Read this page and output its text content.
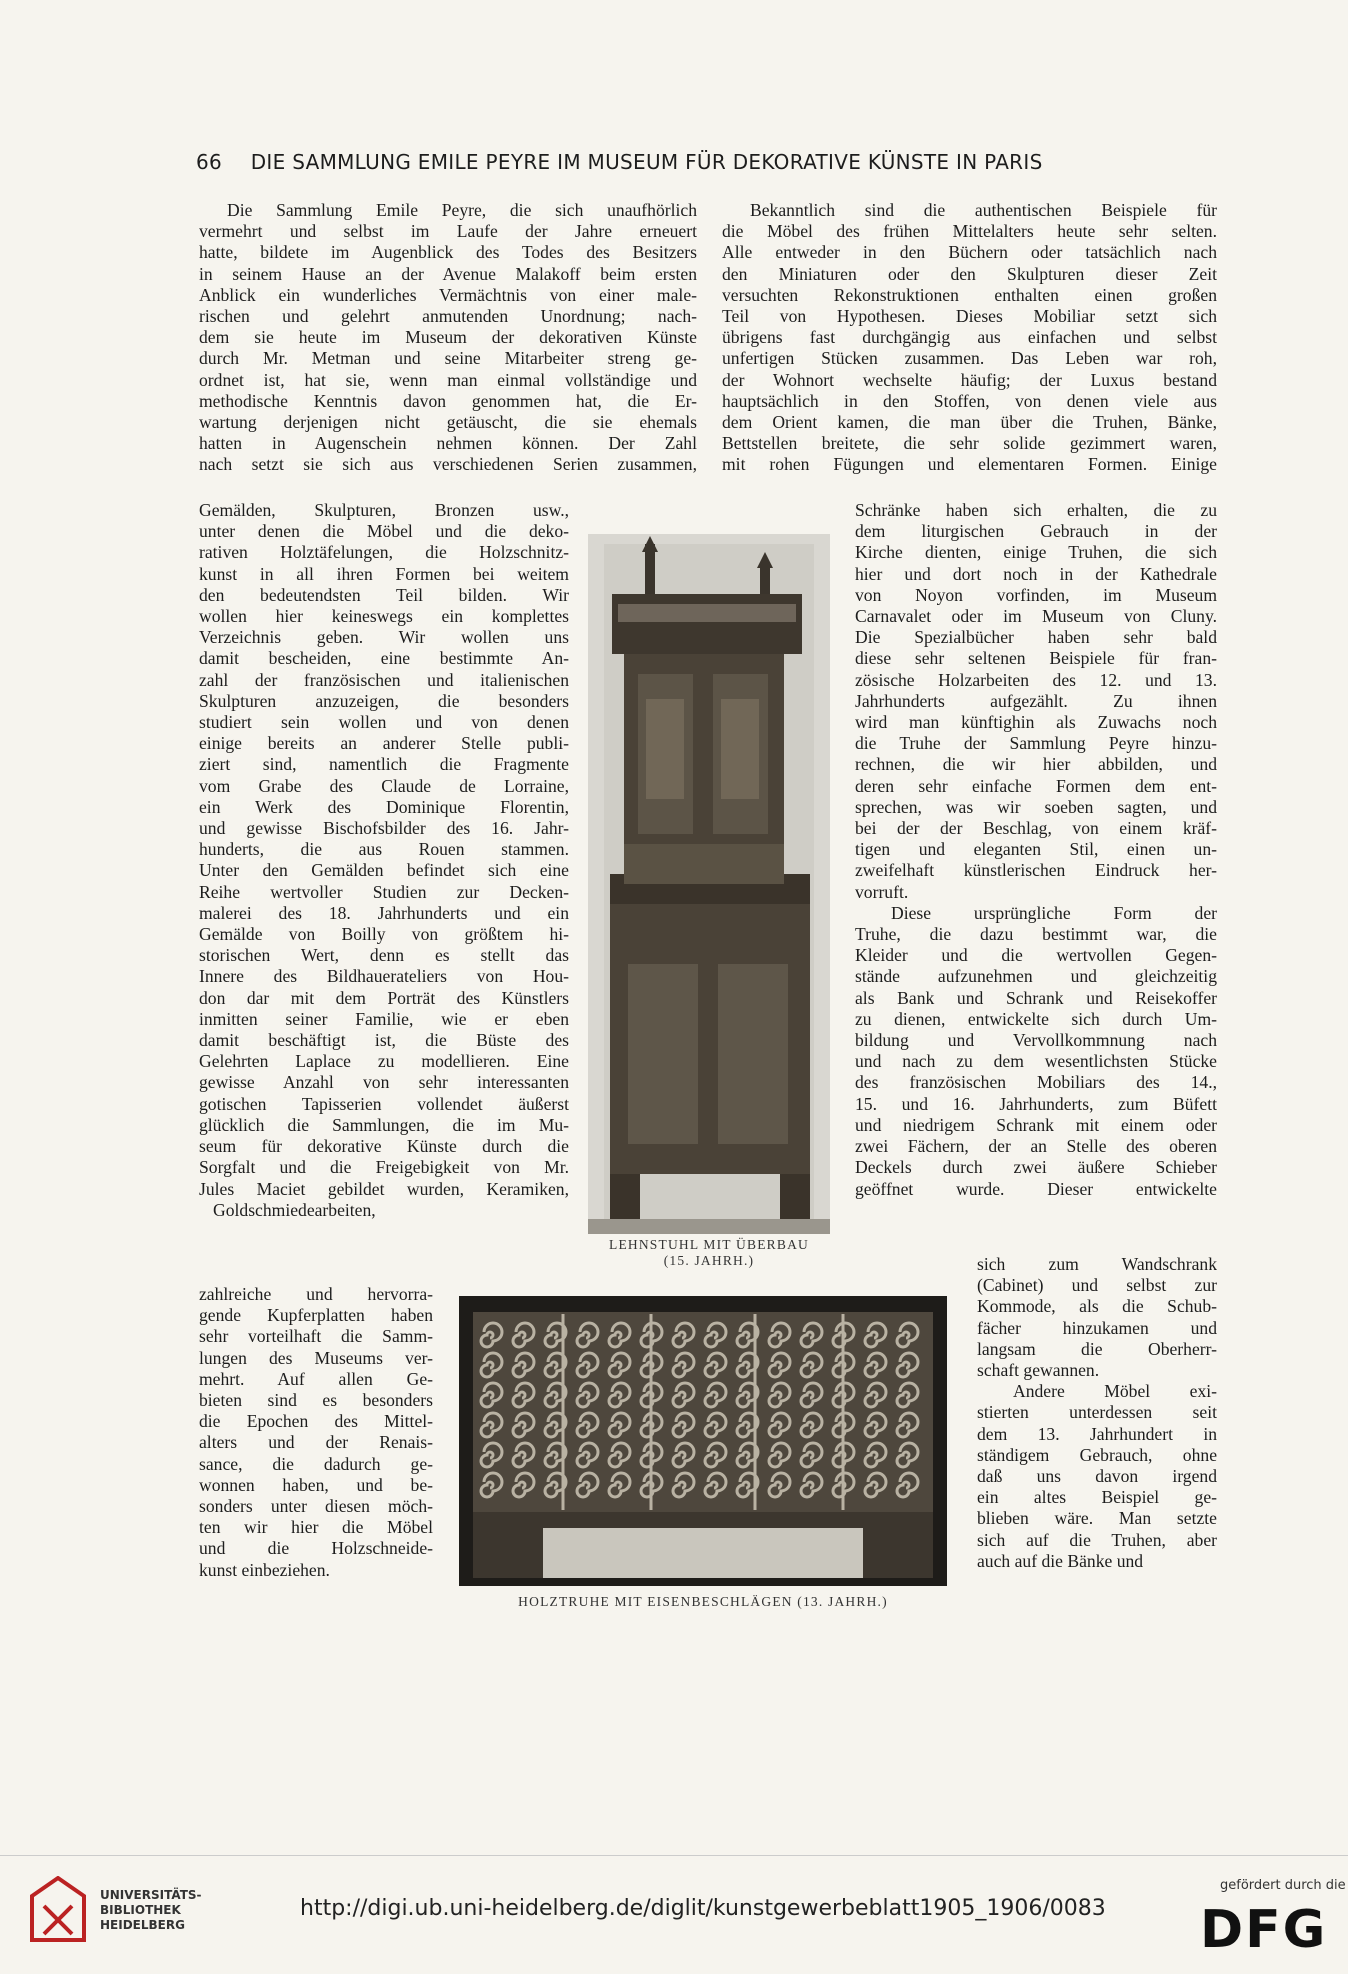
66 DIE SAMMLUNG EMILE PEYRE IM MUSEUM FÜR DEKORATIVE KÜNSTE IN PARIS
Die Sammlung Emile Peyre, die sich unaufhörlich
vermehrt und selbst im Laufe der Jahre erneuert
hatte, bildete im Augenblick des Todes des Besitzers
in seinem Hause an der Avenue Malakoff beim ersten
Anblick ein wunderliches Vermächtnis von einer male-
rischen und gelehrt anmutenden Unordnung; nach-
dem sie heute im Museum der dekorativen Künste
durch Mr. Metman und seine Mitarbeiter streng ge-
ordnet ist, hat sie, wenn man einmal vollständige und
methodische Kenntnis davon genommen hat, die Er-
wartung derjenigen nicht getäuscht, die sie ehemals
hatten in Augenschein nehmen können. Der Zahl
nach setzt sie sich aus verschiedenen Serien zusammen,
Gemälden, Skulpturen, Bronzen usw.,
unter denen die Möbel und die deko-
rativen Holztäfelungen, die Holzschnitz-
kunst in all ihren Formen bei weitem
den bedeutendsten Teil bilden. Wir
wollen hier keineswegs ein komplettes
Verzeichnis geben. Wir wollen uns
damit bescheiden, eine bestimmte An-
zahl der französischen und italienischen
Skulpturen anzuzeigen, die besonders
studiert sein wollen und von denen
einige bereits an anderer Stelle publi-
ziert sind, namentlich die Fragmente
vom Grabe des Claude de Lorraine,
ein Werk des Dominique Florentin,
und gewisse Bischofsbilder des 16. Jahr-
hunderts, die aus Rouen stammen.
Unter den Gemälden befindet sich eine
Reihe wertvoller Studien zur Decken-
malerei des 18. Jahrhunderts und ein
Gemälde von Boilly von größtem hi-
storischen Wert, denn es stellt das
Innere des Bildhauerateliers von Hou-
don dar mit dem Porträt des Künstlers
inmitten seiner Familie, wie er eben
damit beschäftigt ist, die Büste des
Gelehrten Laplace zu modellieren. Eine
gewisse Anzahl von sehr interessanten
gotischen Tapisserien vollendet äußerst
glücklich die Sammlungen, die im Mu-
seum für dekorative Künste durch die
Sorgfalt und die Freigebigkeit von Mr.
Jules Maciet gebildet wurden, Keramiken,
Goldschmiedearbeiten,
zahlreiche und hervorra-
gende Kupferplatten haben
sehr vorteilhaft die Samm-
lungen des Museums ver-
mehrt. Auf allen Ge-
bieten sind es besonders
die Epochen des Mittel-
alters und der Renais-
sance, die dadurch ge-
wonnen haben, und be-
sonders unter diesen möch-
ten wir hier die Möbel
und die Holzschneide-
kunst einbeziehen.
Bekanntlich sind die authentischen Beispiele für
die Möbel des frühen Mittelalters heute sehr selten.
Alle entweder in den Büchern oder tatsächlich nach
den Miniaturen oder den Skulpturen dieser Zeit
versuchten Rekonstruktionen enthalten einen großen
Teil von Hypothesen. Dieses Mobiliar setzt sich
übrigens fast durchgängig aus einfachen und selbst
unfertigen Stücken zusammen. Das Leben war roh,
der Wohnort wechselte häufig; der Luxus bestand
hauptsächlich in den Stoffen, von denen viele aus
dem Orient kamen, die man über die Truhen, Bänke,
Bettstellen breitete, die sehr solide gezimmert waren,
mit rohen Fügungen und elementaren Formen. Einige
Schränke haben sich erhalten, die zu
dem liturgischen Gebrauch in der
Kirche dienten, einige Truhen, die sich
hier und dort noch in der Kathedrale
von Noyon vorfinden, im Museum
Carnavalet oder im Museum von Cluny.
Die Spezialbücher haben sehr bald
diese sehr seltenen Beispiele für fran-
zösische Holzarbeiten des 12. und 13.
Jahrhunderts aufgezählt. Zu ihnen
wird man künftighin als Zuwachs noch
die Truhe der Sammlung Peyre hinzu-
rechnen, die wir hier abbilden, und
deren sehr einfache Formen dem ent-
sprechen, was wir soeben sagten, und
bei der der Beschlag, von einem kräf-
tigen und eleganten Stil, einen un-
zweifelhaft künstlerischen Eindruck her-
vorruft.
Diese ursprüngliche Form der
Truhe, die dazu bestimmt war, die
Kleider und die wertvollen Gegen-
stände aufzunehmen und gleichzeitig
als Bank und Schrank und Reisekoffer
zu dienen, entwickelte sich durch Um-
bildung und Vervollkommnung nach
und nach zu dem wesentlichsten Stücke
des französischen Mobiliars des 14.,
15. und 16. Jahrhunderts, zum Büfett
und niedrigem Schrank mit einem oder
zwei Fächern, der an Stelle des oberen
Deckels durch zwei äußere Schieber
geöffnet wurde. Dieser entwickelte
sich zum Wandschrank
(Cabinet) und selbst zur
Kommode, als die Schub-
fächer hinzukamen und
langsam die Oberherr-
schaft gewannen.
Andere Möbel exi-
stierten unterdessen seit
dem 13. Jahrhundert in
ständigem Gebrauch, ohne
daß uns davon irgend
ein altes Beispiel ge-
blieben wäre. Man setzte
sich auf die Truhen, aber
auch auf die Bänke und
LEHNSTUHL MIT ÜBERBAU
(15. JAHRH.)
HOLZTRUHE MIT EISENBESCHLÄGEN (13. JAHRH.)
UNIVERSITÄTS-
BIBLIOTHEK
HEIDELBERG
http://digi.ub.uni-heidelberg.de/diglit/kunstgewerbeblatt1905_1906/0083
gefördert durch die
DFG
